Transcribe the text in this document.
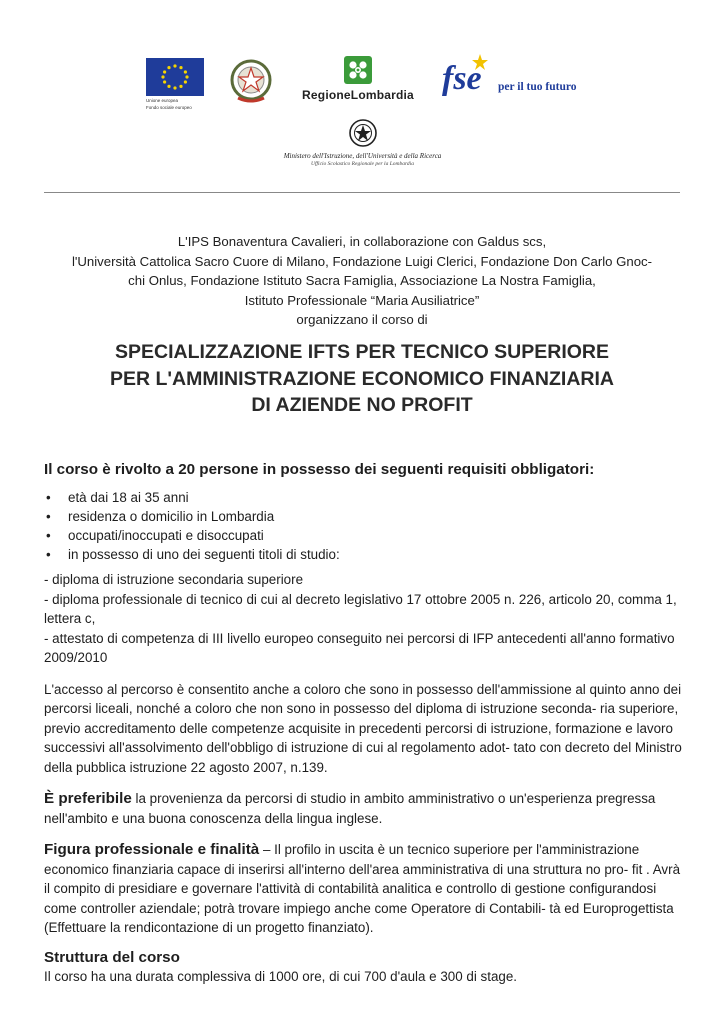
Unione europea
Fondo sociale europeo
RegioneLombardia fse per il tuo futuro
Ministero dell'Istruzione, dell'Università e della Ricerca
Ufficio Scolastico Regionale per la Lombardia
L'IPS Bonaventura Cavalieri, in collaborazione con Galdus scs,
l'Università Cattolica Sacro Cuore di Milano, Fondazione Luigi Clerici, Fondazione Don Carlo Gnoc-
chi Onlus, Fondazione Istituto Sacra Famiglia, Associazione La Nostra Famiglia,
Istituto Professionale “Maria Ausiliatrice”
organizzano il corso di
SPECIALIZZAZIONE IFTS PER TECNICO SUPERIORE
PER L'AMMINISTRAZIONE ECONOMICO FINANZIARIA
DI AZIENDE NO PROFIT
Il corso è rivolto a 20 persone in possesso dei seguenti requisiti obbligatori:
• età dai 18 ai 35 anni
• residenza o domicilio in Lombardia
• occupati/inoccupati e disoccupati
• in possesso di uno dei seguenti titoli di studio:

- diploma di istruzione secondaria superiore

- diploma professionale di tecnico di cui al decreto legislativo 17 ottobre 2005 n. 226, articolo 20, comma 1, lettera c,

- attestato di competenza di III livello europeo conseguito nei percorsi di IFP antecedenti all'anno formativo 2009/2010

L'accesso al percorso è consentito anche a coloro che sono in possesso dell'ammissione al quinto anno dei percorsi liceali, nonché a coloro che non sono in possesso del diploma di istruzione seconda- ria superiore, previo accreditamento delle competenze acquisite in precedenti percorsi di istruzione, formazione e lavoro successivi all'assolvimento dell'obbligo di istruzione di cui al regolamento adot- tato con decreto del Ministro della pubblica istruzione 22 agosto 2007, n.139.

È preferibile la provenienza da percorsi di studio in ambito amministrativo o un'esperienza pregressa nell'ambito e una buona conoscenza della lingua inglese.

Figura professionale e finalità – Il profilo in uscita è un tecnico superiore per l'amministrazione economico finanziaria capace di inserirsi all'interno dell'area amministrativa di una struttura no pro- fit . Avrà il compito di presidiare e governare l'attività di contabilità analitica e controllo di gestione configurandosi come controller aziendale; potrà trovare impiego anche come Operatore di Contabili- tà ed Europrogettista (Effettuare la rendicontazione di un progetto finanziato).

Struttura del corso
Il corso ha una durata complessiva di 1000 ore, di cui 700 d'aula e 300 di stage.
